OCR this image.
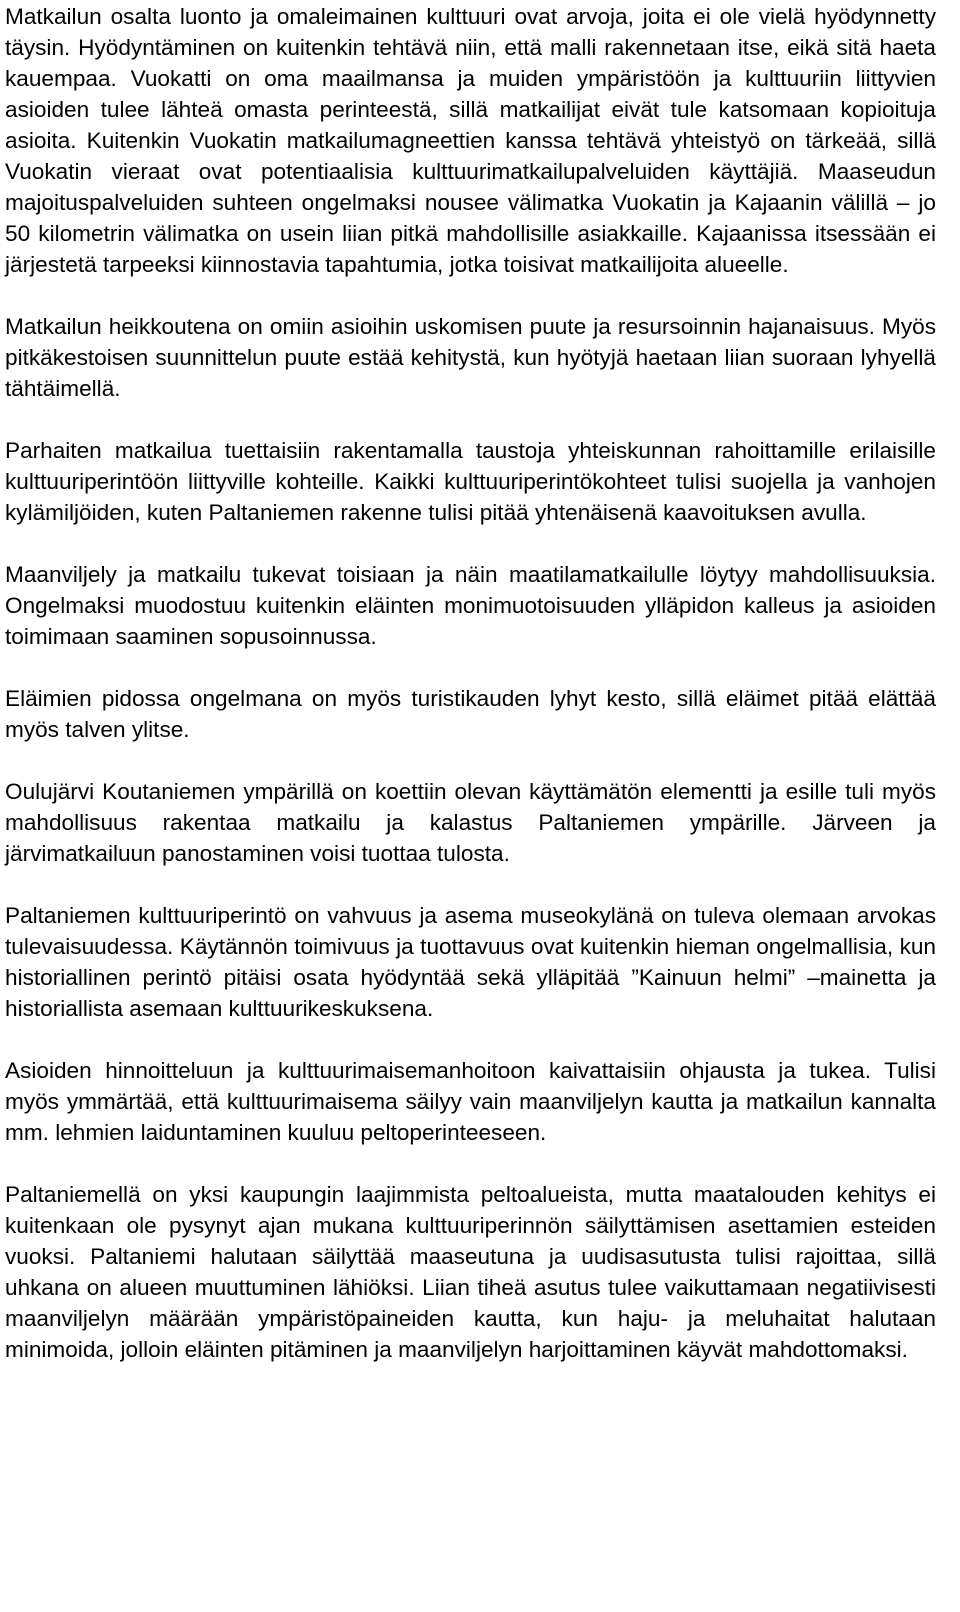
Matkailun osalta luonto ja omaleimainen kulttuuri ovat arvoja, joita ei ole vielä hyödynnetty täysin. Hyödyntäminen on kuitenkin tehtävä niin, että malli rakennetaan itse, eikä sitä haeta kauempaa. Vuokatti on oma maailmansa ja muiden ympäristöön ja kulttuuriin liittyvien asioiden tulee lähteä omasta perinteestä, sillä matkailijat eivät tule katsomaan kopioituja asioita. Kuitenkin Vuokatin matkailumagneettien kanssa tehtävä yhteistyö on tärkeää, sillä Vuokatin vieraat ovat potentiaalisia kulttuurimatkailupalveluiden käyttäjiä. Maaseudun majoituspalveluiden suhteen ongelmaksi nousee välimatka Vuokatin ja Kajaanin välillä – jo 50 kilometrin välimatka on usein liian pitkä mahdollisille asiakkaille. Kajaanissa itsessään ei järjestetä tarpeeksi kiinnostavia tapahtumia, jotka toisivat matkailijoita alueelle.

Matkailun heikkoutena on omiin asioihin uskomisen puute ja resursoinnin hajanaisuus. Myös pitkäkestoisen suunnittelun puute estää kehitystä, kun hyötyjä haetaan liian suoraan lyhyellä tähtäimellä.

Parhaiten matkailua tuettaisiin rakentamalla taustoja yhteiskunnan rahoittamille erilaisille kulttuuriperintöön liittyville kohteille. Kaikki kulttuuriperintökohteet tulisi suojella ja vanhojen kylämiljöiden, kuten Paltaniemen rakenne tulisi pitää yhtenäisenä kaavoituksen avulla.

Maanviljely ja matkailu tukevat toisiaan ja näin maatilamatkailulle löytyy mahdollisuuksia. Ongelmaksi muodostuu kuitenkin eläinten monimuotoisuuden ylläpidon kalleus ja asioiden toimimaan saaminen sopusoinnussa.

Eläimien pidossa ongelmana on myös turistikauden lyhyt kesto, sillä eläimet pitää elättää myös talven ylitse.

Oulujärvi Koutaniemen ympärillä on koettiin olevan käyttämätön elementti ja esille tuli myös mahdollisuus rakentaa matkailu ja kalastus Paltaniemen ympärille. Järveen ja järvimatkailuun panostaminen voisi tuottaa tulosta.

Paltaniemen kulttuuriperintö on vahvuus ja asema museokylänä on tuleva olemaan arvokas tulevaisuudessa. Käytännön toimivuus ja tuottavuus ovat kuitenkin hieman ongelmallisia, kun historiallinen perintö pitäisi osata hyödyntää sekä ylläpitää ”Kainuun helmi” –mainetta ja historiallista asemaan kulttuurikeskuksena.

Asioiden hinnoitteluun ja kulttuurimaisemanhoitoon kaivattaisiin ohjausta ja tukea. Tulisi myös ymmärtää, että kulttuurimaisema säilyy vain maanviljelyn kautta ja matkailun kannalta mm. lehmien laiduntaminen kuuluu peltoperinteeseen.

Paltaniemellä on yksi kaupungin laajimmista peltoalueista, mutta maatalouden kehitys ei kuitenkaan ole pysynyt ajan mukana kulttuuriperinnön säilyttämisen asettamien esteiden vuoksi. Paltaniemi halutaan säilyttää maaseutuna ja uudisasutusta tulisi rajoittaa, sillä uhkana on alueen muuttuminen lähiöksi. Liian tiheä asutus tulee vaikuttamaan negatiivisesti maanviljelyn määrään ympäristöpaineiden kautta, kun haju- ja meluhaitat halutaan minimoida, jolloin eläinten pitäminen ja maanviljelyn harjoittaminen käyvät mahdottomaksi.
